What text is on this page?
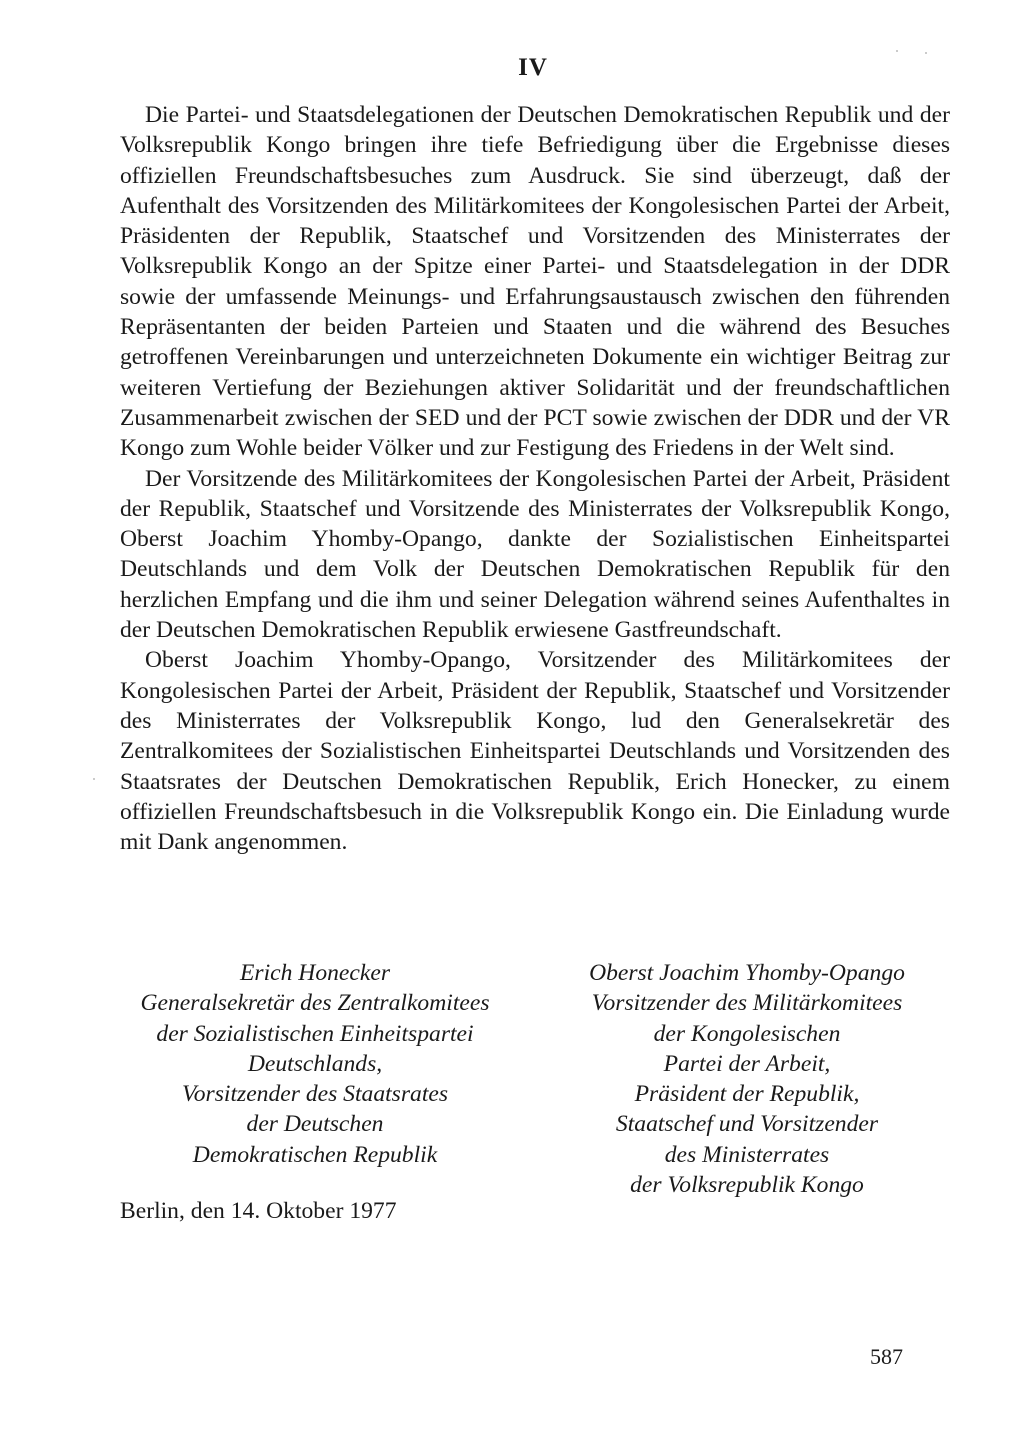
IV

Die Partei- und Staatsdelegationen der Deutschen Demokratischen Republik und der Volksrepublik Kongo bringen ihre tiefe Befriedigung über die Ergebnisse dieses offiziellen Freundschaftsbesuches zum Ausdruck. Sie sind überzeugt, daß der Aufenthalt des Vorsitzenden des Militärkomitees der Kongolesischen Partei der Arbeit, Präsidenten der Republik, Staatschef und Vorsitzenden des Ministerrates der Volksrepublik Kongo an der Spitze einer Partei- und Staatsdelegation in der DDR sowie der umfassende Meinungs- und Erfahrungsaustausch zwischen den führenden Repräsentanten der beiden Parteien und Staaten und die während des Besuches getroffenen Vereinbarungen und unterzeichneten Dokumente ein wichtiger Beitrag zur weiteren Vertiefung der Beziehungen aktiver Solidarität und der freundschaftlichen Zusammenarbeit zwischen der SED und der PCT sowie zwischen der DDR und der VR Kongo zum Wohle beider Völker und zur Festigung des Friedens in der Welt sind.

Der Vorsitzende des Militärkomitees der Kongolesischen Partei der Arbeit, Präsident der Republik, Staatschef und Vorsitzende des Ministerrates der Volksrepublik Kongo, Oberst Joachim Yhomby-Opango, dankte der Sozialistischen Einheitspartei Deutschlands und dem Volk der Deutschen Demokratischen Republik für den herzlichen Empfang und die ihm und seiner Delegation während seines Aufenthaltes in der Deutschen Demokratischen Republik erwiesene Gastfreundschaft.

Oberst Joachim Yhomby-Opango, Vorsitzender des Militärkomitees der Kongolesischen Partei der Arbeit, Präsident der Republik, Staatschef und Vorsitzender des Ministerrates der Volksrepublik Kongo, lud den Generalsekretär des Zentralkomitees der Sozialistischen Einheitspartei Deutschlands und Vorsitzenden des Staatsrates der Deutschen Demokratischen Republik, Erich Honecker, zu einem offiziellen Freundschaftsbesuch in die Volksrepublik Kongo ein. Die Einladung wurde mit Dank angenommen.

Erich Honecker
Generalsekretär des Zentralkomitees
der Sozialistischen Einheitspartei
Deutschlands,
Vorsitzender des Staatsrates
der Deutschen
Demokratischen Republik
Oberst Joachim Yhomby-Opango
Vorsitzender des Militärkomitees
der Kongolesischen
Partei der Arbeit,
Präsident der Republik,
Staatschef und Vorsitzender
des Ministerrates
der Volksrepublik Kongo
Berlin, den 14. Oktober 1977
587
